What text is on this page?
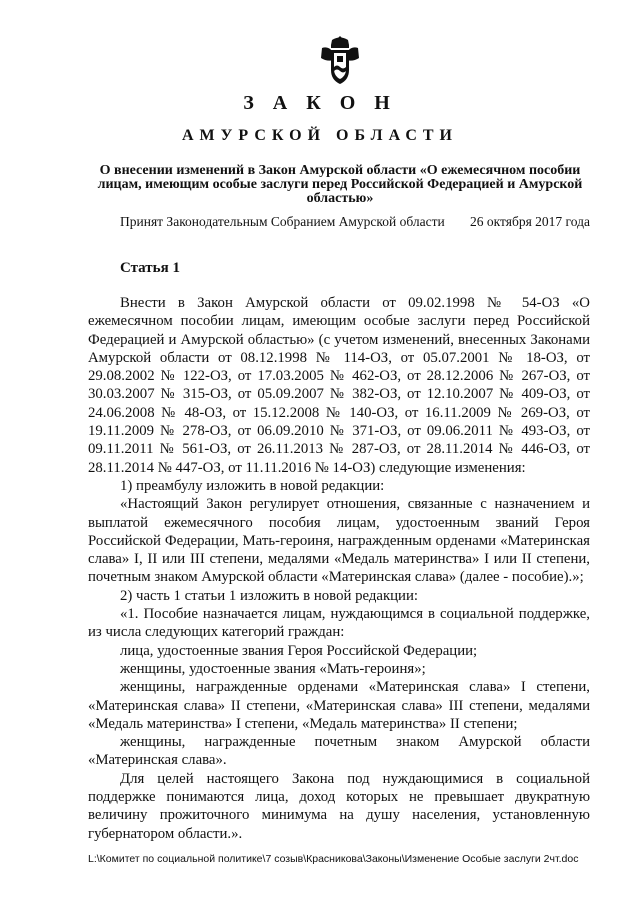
З А К О Н
АМУРСКОЙ ОБЛАСТИ
О внесении изменений в Закон Амурской области «О ежемесячном пособии лицам, имеющим особые заслуги перед Российской Федерацией и Амурской областью»
Принят Законодательным Собранием Амурской области 26 октября 2017 года
Статья 1

Внести в Закон Амурской области от 09.02.1998 № 54-ОЗ «О ежемесячном пособии лицам, имеющим особые заслуги перед Российской Федерацией и Амурской областью» (с учетом изменений, внесенных Законами Амурской области от 08.12.1998 № 114-ОЗ, от 05.07.2001 № 18-ОЗ, от 29.08.2002 № 122-ОЗ, от 17.03.2005 № 462-ОЗ, от 28.12.2006 № 267-ОЗ, от 30.03.2007 № 315-ОЗ, от 05.09.2007 № 382-ОЗ, от 12.10.2007 № 409-ОЗ, от 24.06.2008 № 48-ОЗ, от 15.12.2008 № 140-ОЗ, от 16.11.2009 № 269-ОЗ, от 19.11.2009 № 278-ОЗ, от 06.09.2010 № 371-ОЗ, от 09.06.2011 № 493-ОЗ, от 09.11.2011 № 561-ОЗ, от 26.11.2013 № 287-ОЗ, от 28.11.2014 № 446-ОЗ, от 28.11.2014 № 447-ОЗ, от 11.11.2016 № 14-ОЗ) следующие изменения:

1) преамбулу изложить в новой редакции:

«Настоящий Закон регулирует отношения, связанные с назначением и выплатой ежемесячного пособия лицам, удостоенным званий Героя Российской Федерации, Мать-героиня, награжденным орденами «Материнская слава» I, II или III степени, медалями «Медаль материнства» I или II степени, почетным знаком Амурской области «Материнская слава» (далее - пособие).»;

2) часть 1 статьи 1 изложить в новой редакции:

«1. Пособие назначается лицам, нуждающимся в социальной поддержке, из числа следующих категорий граждан:

лица, удостоенные звания Героя Российской Федерации;

женщины, удостоенные звания «Мать-героиня»;

женщины, награжденные орденами «Материнская слава» I степени, «Материнская слава» II степени, «Материнская слава» III степени, медалями «Медаль материнства» I степени, «Медаль материнства» II степени;

женщины, награжденные почетным знаком Амурской области «Материнская слава».

Для целей настоящего Закона под нуждающимися в социальной поддержке понимаются лица, доход которых не превышает двукратную величину прожиточного минимума на душу населения, установленную губернатором области.».

L:\Комитет по социальной политике\7 созыв\Красникова\Законы\Изменение Особые заслуги 2чт.doc
